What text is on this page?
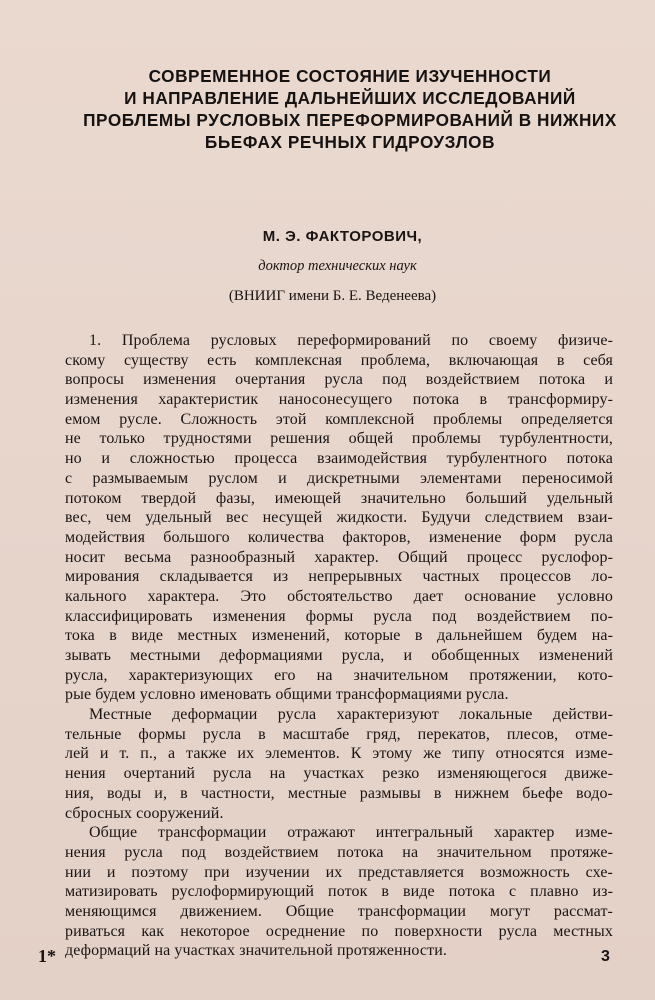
СОВРЕМЕННОЕ СОСТОЯНИЕ ИЗУЧЕННОСТИ
И НАПРАВЛЕНИЕ ДАЛЬНЕЙШИХ ИССЛЕДОВАНИЙ
ПРОБЛЕМЫ РУСЛОВЫХ ПЕРЕФОРМИРОВАНИЙ В НИЖНИХ
БЬЕФАХ РЕЧНЫХ ГИДРОУЗЛОВ
М. Э. ФАКТОРОВИЧ,
доктор технических наук
(ВНИИГ имени Б. Е. Веденеева)
1. Проблема русловых переформирований по своему физиче-
скому существу есть комплексная проблема, включающая в себя
вопросы изменения очертания русла под воздействием потока и
изменения характеристик наносонесущего потока в трансформиру-
емом русле. Сложность этой комплексной проблемы определяется
не только трудностями решения общей проблемы турбулентности,
но и сложностью процесса взаимодействия турбулентного потока
с размываемым руслом и дискретными элементами переносимой
потоком твердой фазы, имеющей значительно больший удельный
вес, чем удельный вес несущей жидкости. Будучи следствием взаи-
модействия большого количества факторов, изменение форм русла
носит весьма разнообразный характер. Общий процесс руслофор-
мирования складывается из непрерывных частных процессов ло-
кального характера. Это обстоятельство дает основание условно
классифицировать изменения формы русла под воздействием по-
тока в виде местных изменений, которые в дальнейшем будем на-
зывать местными деформациями русла, и обобщенных изменений
русла, характеризующих его на значительном протяжении, кото-
рые будем условно именовать общими трансформациями русла.
Местные деформации русла характеризуют локальные действи-
тельные формы русла в масштабе гряд, перекатов, плесов, отме-
лей и т. п., а также их элементов. К этому же типу относятся изме-
нения очертаний русла на участках резко изменяющегося движе-
ния, воды и, в частности, местные размывы в нижнем бьефе водо-
сбросных сооружений.
Общие трансформации отражают интегральный характер изме-
нения русла под воздействием потока на значительном протяже-
нии и поэтому при изучении их представляется возможность схе-
матизировать руслоформирующий поток в виде потока с плавно из-
меняющимся движением. Общие трансформации могут рассмат-
риваться как некоторое осреднение по поверхности русла местных
деформаций на участках значительной протяженности.
1*	3
